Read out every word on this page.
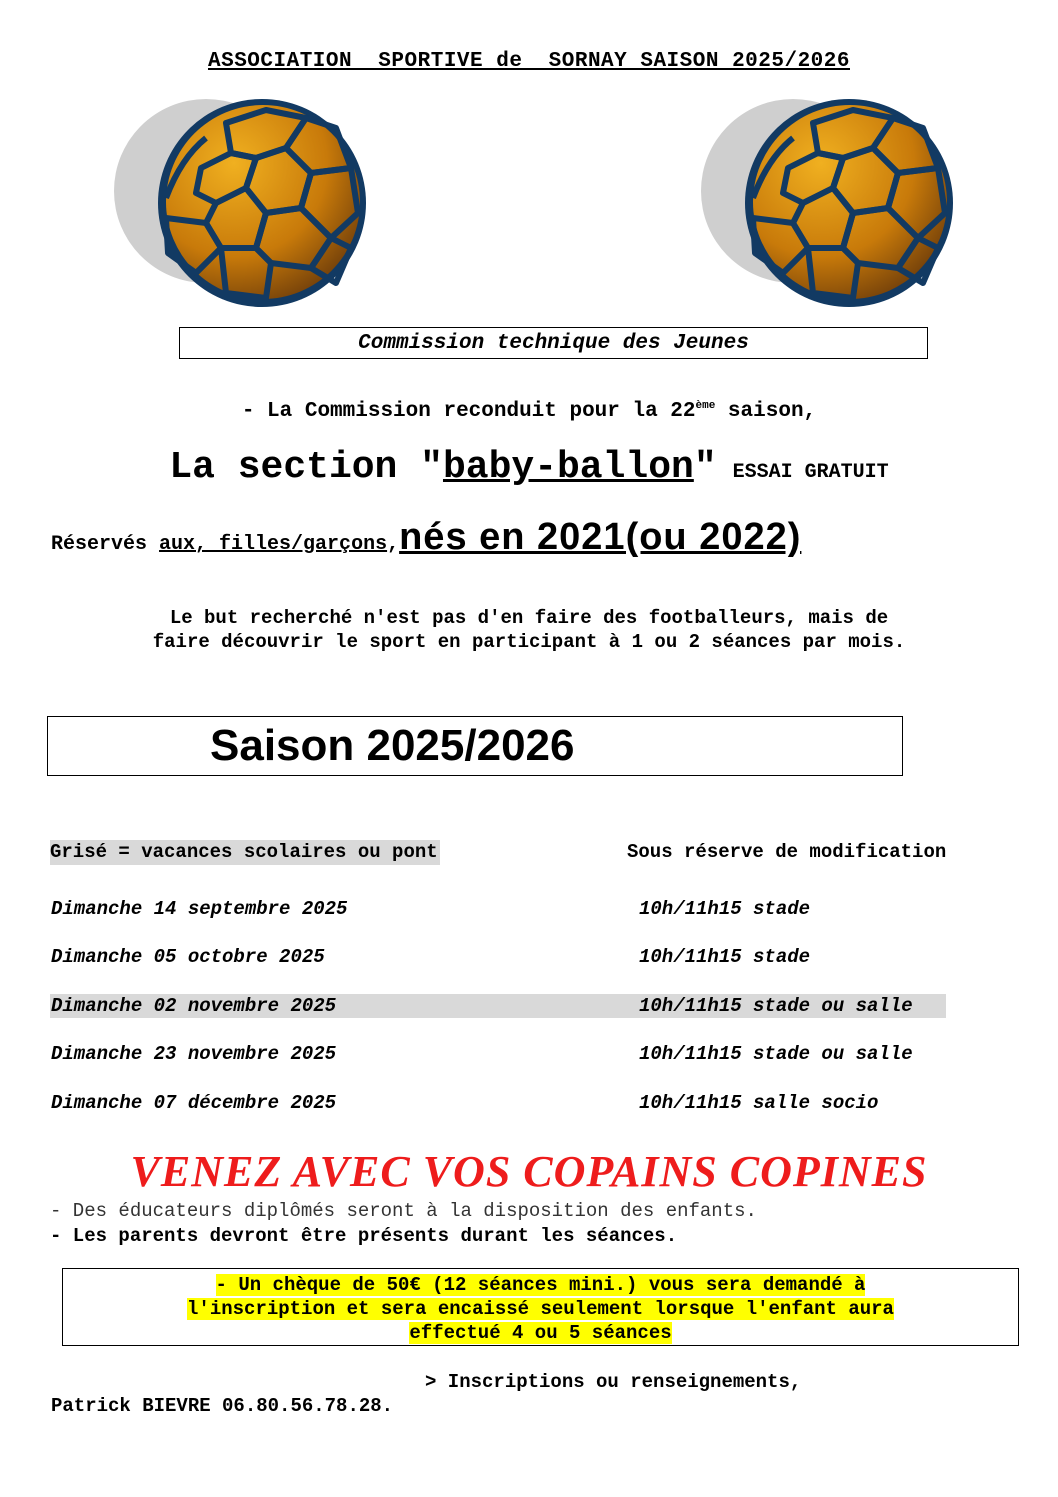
ASSOCIATION  SPORTIVE de  SORNAY SAISON 2025/2026
Commission technique des Jeunes
- La Commission reconduit pour la 22ème saison,
La section "baby-ballon" ESSAI GRATUIT
Réservés aux, filles/garçons,nés en 2021(ou 2022)
Le but recherché n'est pas d'en faire des footballeurs, mais de
faire découvrir le sport en participant à 1 ou 2 séances par mois.
Saison 2025/2026
Grisé = vacances scolaires ou pont	Sous réserve de modification
Dimanche 14 septembre 2025	10h/11h15 stade
Dimanche 05 octobre 2025	10h/11h15 stade
Dimanche 02 novembre 2025	10h/11h15 stade ou salle
Dimanche 23 novembre 2025	10h/11h15 stade ou salle
Dimanche 07 décembre 2025	10h/11h15 salle socio
VENEZ AVEC VOS COPAINS COPINES
- Des éducateurs diplômés seront à la disposition des enfants.
- Les parents devront être présents durant les séances.
- Un chèque de 50€ (12 séances mini.) vous sera demandé à
l'inscription et sera encaissé seulement lorsque l'enfant aura
effectué 4 ou 5 séances
> Inscriptions ou renseignements,
Patrick BIEVRE 06.80.56.78.28.
